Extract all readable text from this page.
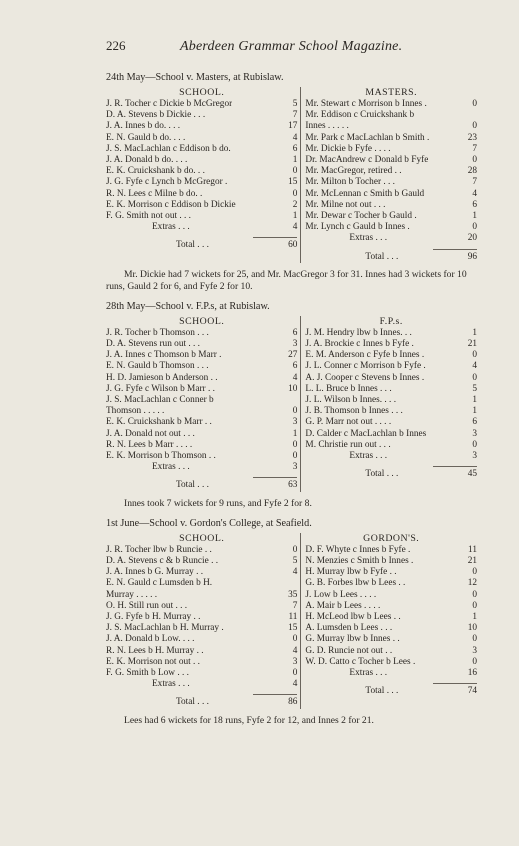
226	Aberdeen Grammar School Magazine.
24th May—School v. Masters, at Rubislaw.
SCHOOL.
J. R. Tocher c Dickie b McGregor	5
D. A. Stevens b Dickie . . .	7
J. A. Innes b do. . . .	17
E. N. Gauld b do. . . .	4
J. S. MacLachlan c Eddison b do.	6
J. A. Donald b do. . . .	1
E. K. Cruickshank b do. . .	0
J. G. Fyfe c Lynch b McGregor .	15
R. N. Lees c Milne b do. .	0
E. K. Morrison c Eddison b Dickie	2
F. G. Smith not out . . .	1
Extras . . .	4
Total . . .	60
MASTERS.
Mr. Stewart c Morrison b Innes .	0
Mr. Eddison c Cruickshank b
Innes . . . . .	0
Mr. Park c MacLachlan b Smith .	23
Mr. Dickie b Fyfe . . . .	7
Dr. MacAndrew c Donald b Fyfe	0
Mr. MacGregor, retired . .	28
Mr. Milton b Tocher . . .	7
Mr. McLennan c Smith b Gauld	4
Mr. Milne not out . . .	6
Mr. Dewar c Tocher b Gauld .	1
Mr. Lynch c Gauld b Innes .	0
Extras . . .	20
Total . . .	96

Mr. Dickie had 7 wickets for 25, and Mr. MacGregor 3 for 31. Innes had 3 wickets for 10 runs, Gauld 2 for 6, and Fyfe 2 for 10.

28th May—School v. F.P.s, at Rubislaw.
SCHOOL.
J. R. Tocher b Thomson . . .	6
D. A. Stevens run out . . .	3
J. A. Innes c Thomson b Marr .	27
E. N. Gauld b Thomson . . .	6
H. D. Jamieson b Anderson . .	4
J. G. Fyfe c Wilson b Marr . .	10
J. S. MacLachlan c Conner b
Thomson . . . . .	0
E. K. Cruickshank b Marr . .	3
J. A. Donald not out . . .	1
R. N. Lees b Marr . . . .	0
E. K. Morrison b Thomson . .	0
Extras . . .	3
Total . . .	63
F.P.s.
J. M. Hendry lbw b Innes. . .	1
J. A. Brockie c Innes b Fyfe .	21
E. M. Anderson c Fyfe b Innes .	0
J. L. Conner c Morrison b Fyfe .	4
A. J. Cooper c Stevens b Innes .	0
L. L. Bruce b Innes . . .	5
J. L. Wilson b Innes. . . .	1
J. B. Thomson b Innes . . .	1
G. P. Marr not out . . . .	6
D. Calder c MacLachlan b Innes	3
M. Christie run out . . .	0
Extras . . .	3
Total . . .	45

Innes took 7 wickets for 9 runs, and Fyfe 2 for 8.

1st June—School v. Gordon's College, at Seafield.
SCHOOL.
J. R. Tocher lbw b Runcie . .	0
D. A. Stevens c & b Runcie . .	5
J. A. Innes b G. Murray . .	4
E. N. Gauld c Lumsden b H.
Murray . . . . .	35
O. H. Still run out . . .	7
J. G. Fyfe b H. Murray . .	11
J. S. MacLachlan b H. Murray .	15
J. A. Donald b Low. . . .	0
R. N. Lees b H. Murray . .	4
E. K. Morrison not out . .	3
F. G. Smith b Low . . .	0
Extras . . .	4
Total . . .	86
GORDON'S.
D. F. Whyte c Innes b Fyfe .	11
N. Menzies c Smith b Innes .	21
H. Murray lbw b Fyfe . .	0
G. B. Forbes lbw b Lees . .	12
J. Low b Lees . . . .	0
A. Mair b Lees . . . .	0
H. McLeod lbw b Lees . .	1
A. Lumsden b Lees . . .	10
G. Murray lbw b Innes . .	0
G. D. Runcie not out . .	3
W. D. Catto c Tocher b Lees .	0
Extras . . .	16
Total . . .	74

Lees had 6 wickets for 18 runs, Fyfe 2 for 12, and Innes 2 for 21.
